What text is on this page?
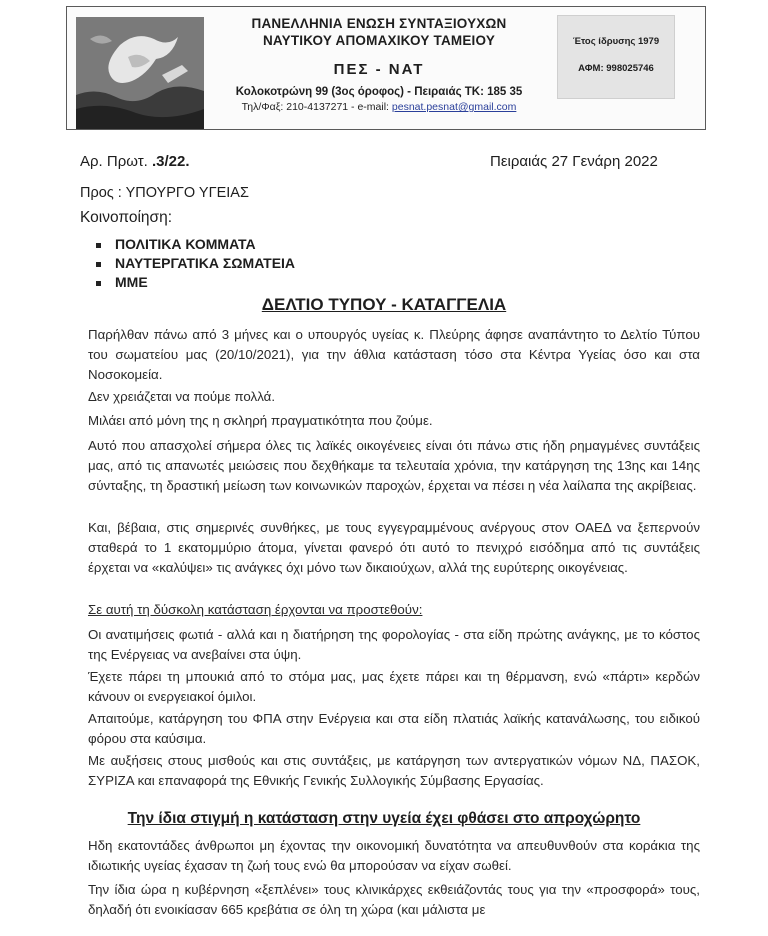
ΠΑΝΕΛΛΗΝΙΑ ΕΝΩΣΗ ΣΥΝΤΑΞΙΟΥΧΩΝ
ΝΑΥΤΙΚΟΥ ΑΠΟΜΑΧΙΚΟΥ ΤΑΜΕΙΟΥ
ΠΕΣ - ΝΑΤ
Κολοκοτρώνη 99 (3ος όροφος) - Πειραιάς ΤΚ: 185 35
Τηλ/Φαξ: 210-4137271 - e-mail: pesnat.pesnat@gmail.com
Έτος ίδρυσης 1979
ΑΦΜ: 998025746
Αρ. Πρωτ. .3/22.	Πειραιάς 27 Γενάρη 2022
Προς : ΥΠΟΥΡΓΟ ΥΓΕΙΑΣ
Κοινοποίηση:
ΠΟΛΙΤΙΚΑ ΚΟΜΜΑΤΑ
ΝΑΥΤΕΡΓΑΤΙΚΑ ΣΩΜΑΤΕΙΑ
ΜΜΕ
ΔΕΛΤΙΟ ΤΥΠΟΥ - ΚΑΤΑΓΓΕΛΙΑ

Παρήλθαν πάνω από 3 μήνες και ο υπουργός υγείας κ. Πλεύρης άφησε αναπάντητο το Δελτίο Τύπου του σωματείου μας (20/10/2021), για την άθλια κατάσταση τόσο στα Κέντρα Υγείας όσο και στα Νοσοκομεία.

Δεν χρειάζεται να πούμε πολλά.

Μιλάει από μόνη της η σκληρή πραγματικότητα που ζούμε.

Αυτό που απασχολεί σήμερα όλες τις λαϊκές οικογένειες είναι ότι πάνω στις ήδη ρημαγμένες συντάξεις μας, από τις απανωτές μειώσεις που δεχθήκαμε τα τελευταία χρόνια, την κατάργηση της 13ης και 14ης σύνταξης, τη δραστική μείωση των κοινωνικών παροχών, έρχεται να πέσει η νέα λαίλαπα της ακρίβειας.

Και, βέβαια, στις σημερινές συνθήκες, με τους εγγεγραμμένους ανέργους στον ΟΑΕΔ να ξεπερνούν σταθερά το 1 εκατομμύριο άτομα, γίνεται φανερό ότι αυτό το πενιχρό εισόδημα από τις συντάξεις έρχεται να «καλύψει» τις ανάγκες όχι μόνο των δικαιούχων, αλλά της ευρύτερης οικογένειας.

Σε αυτή τη δύσκολη κατάσταση έρχονται να προστεθούν:

Οι ανατιμήσεις φωτιά - αλλά και η διατήρηση της φορολογίας - στα είδη πρώτης ανάγκης, με το κόστος της Ενέργειας να ανεβαίνει στα ύψη.

Έχετε πάρει τη μπουκιά από το στόμα μας, μας έχετε πάρει και τη θέρμανση, ενώ «πάρτι» κερδών κάνουν οι ενεργειακοί όμιλοι.

Απαιτούμε, κατάργηση του ΦΠΑ στην Ενέργεια και στα είδη πλατιάς λαϊκής κατανάλωσης, του ειδικού φόρου στα καύσιμα.

Με αυξήσεις στους μισθούς και στις συντάξεις, με κατάργηση των αντεργατικών νόμων ΝΔ, ΠΑΣΟΚ, ΣΥΡΙΖΑ και επαναφορά της Εθνικής Γενικής Συλλογικής Σύμβασης Εργασίας.

Την ίδια στιγμή η κατάσταση στην υγεία έχει φθάσει στο απροχώρητο

Ηδη εκατοντάδες άνθρωποι μη έχοντας την οικονομική δυνατότητα να απευθυνθούν στα κοράκια της ιδιωτικής υγείας έχασαν τη ζωή τους ενώ θα μπορούσαν να είχαν σωθεί.

Την ίδια ώρα η κυβέρνηση «ξεπλένει» τους κλινικάρχες εκθειάζοντάς τους για την «προσφορά» τους, δηλαδή ότι ενοικίασαν 665 κρεβάτια σε όλη τη χώρα (και μάλιστα με
